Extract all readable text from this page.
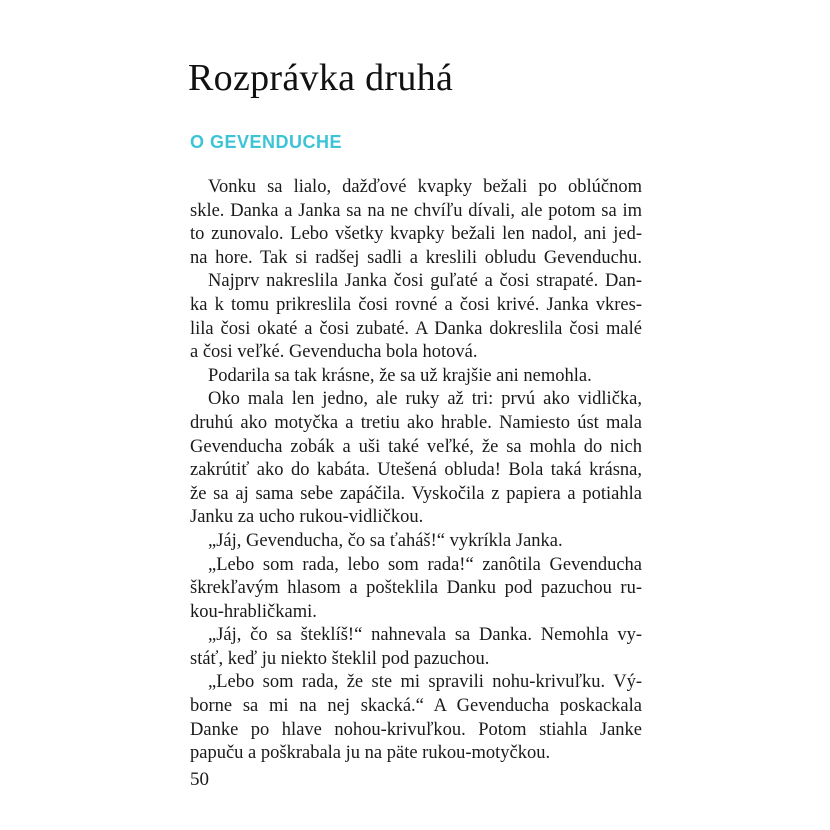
Rozprávka druhá
O GEVENDUCHE
Vonku sa lialo, dažďové kvapky bežali po oblúčnom
skle. Danka a Janka sa na ne chvíľu dívali, ale potom sa im
to zunovalo. Lebo všetky kvapky bežali len nadol, ani jed-
na hore. Tak si radšej sadli a kreslili obludu Gevenduchu.
Najprv nakreslila Janka čosi guľaté a čosi strapaté. Dan-
ka k tomu prikreslila čosi rovné a čosi krivé. Janka vkres-
lila čosi okaté a čosi zubaté. A Danka dokreslila čosi malé
a čosi veľké. Gevenducha bola hotová.
Podarila sa tak krásne, že sa už krajšie ani nemohla.
Oko mala len jedno, ale ruky až tri: prvú ako vidlička,
druhú ako motyčka a tretiu ako hrable. Namiesto úst mala
Gevenducha zobák a uši také veľké, že sa mohla do nich
zakrútiť ako do kabáta. Utešená obluda! Bola taká krásna,
že sa aj sama sebe zapáčila. Vyskočila z papiera a potiahla
Janku za ucho rukou-vidličkou.
„Jáj, Gevenducha, čo sa ťaháš!“ vykríkla Janka.
„Lebo som rada, lebo som rada!“ zanôtila Gevenducha
škrekľavým hlasom a pošteklila Danku pod pazuchou ru-
kou-hrabličkami.
„Jáj, čo sa šteklíš!“ nahnevala sa Danka. Nemohla vy-
stáť, keď ju niekto šteklil pod pazuchou.
„Lebo som rada, že ste mi spravili nohu-krivuľku. Vý-
borne sa mi na nej skacká.“ A Gevenducha poskackala
Danke po hlave nohou-krivuľkou. Potom stiahla Janke
papuču a poškrabala ju na päte rukou-motyčkou.

50
